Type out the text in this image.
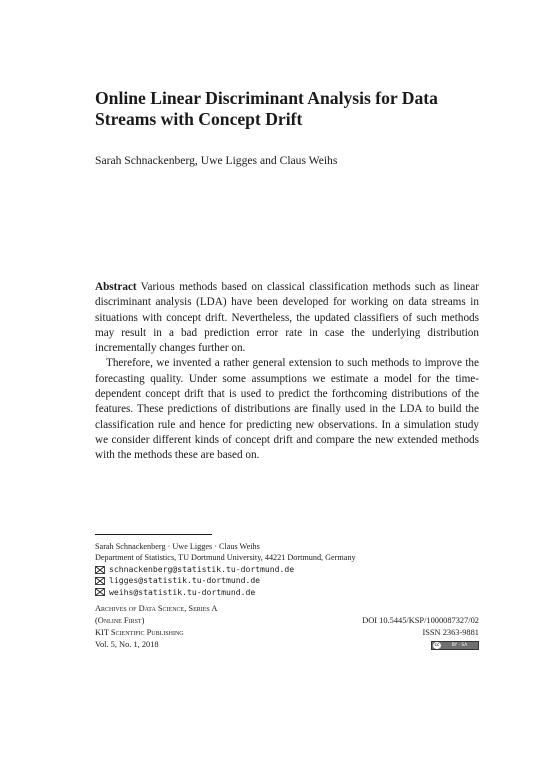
Online Linear Discriminant Analysis for Data Streams with Concept Drift
Sarah Schnackenberg, Uwe Ligges and Claus Weihs

Abstract Various methods based on classical classification methods such as linear discriminant analysis (LDA) have been developed for working on data streams in situations with concept drift. Nevertheless, the updated classifiers of such methods may result in a bad prediction error rate in case the underlying distribution incrementally changes further on.

Therefore, we invented a rather general extension to such methods to improve the forecasting quality. Under some assumptions we estimate a model for the time-dependent concept drift that is used to predict the forthcoming distributions of the features. These predictions of distributions are finally used in the LDA to build the classification rule and hence for predicting new observations. In a simulation study we consider different kinds of concept drift and compare the new extended methods with the methods these are based on.

Sarah Schnackenberg · Uwe Ligges · Claus Weihs
Department of Statistics, TU Dortmund University, 44221 Dortmund, Germany
schnackenberg@statistik.tu-dortmund.de
ligges@statistik.tu-dortmund.de
weihs@statistik.tu-dortmund.de
Archives of Data Science, Series A
(Online First)	DOI 10.5445/KSP/1000087327/02
KIT Scientific Publishing	ISSN 2363-9881
Vol. 5, No. 1, 2018	cc	BY · SA
